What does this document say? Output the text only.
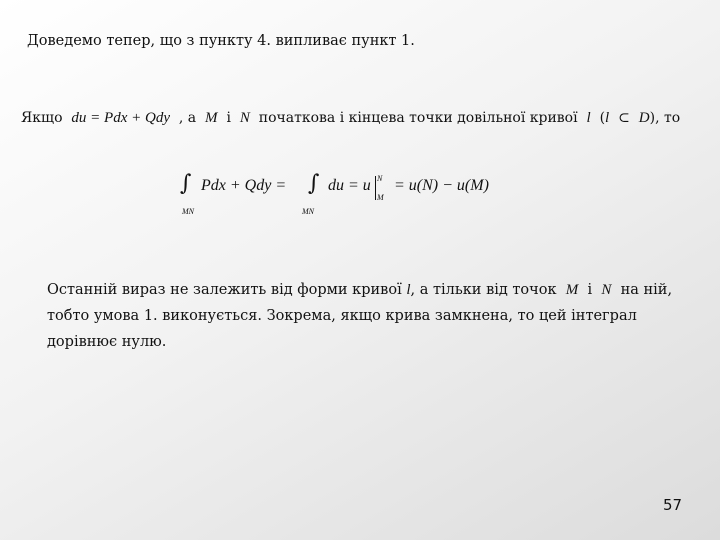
Доведемо тепер, що з пункту 4. випливає пункт 1.
Якщо du = Pdx + Qdy , а M і N початкова і кінцева точки довільної кривої l (l ⊂ D), то
∫
MN
Pdx + Qdy = ∫
MN
du = u N
M
= u(N) − u(M)
Останній вираз не залежить від форми кривої l, а тільки від точок M і N на ній,
тобто умова 1. виконується. Зокрема, якщо крива замкнена, то цей інтеграл
дорівнює нулю.
57
